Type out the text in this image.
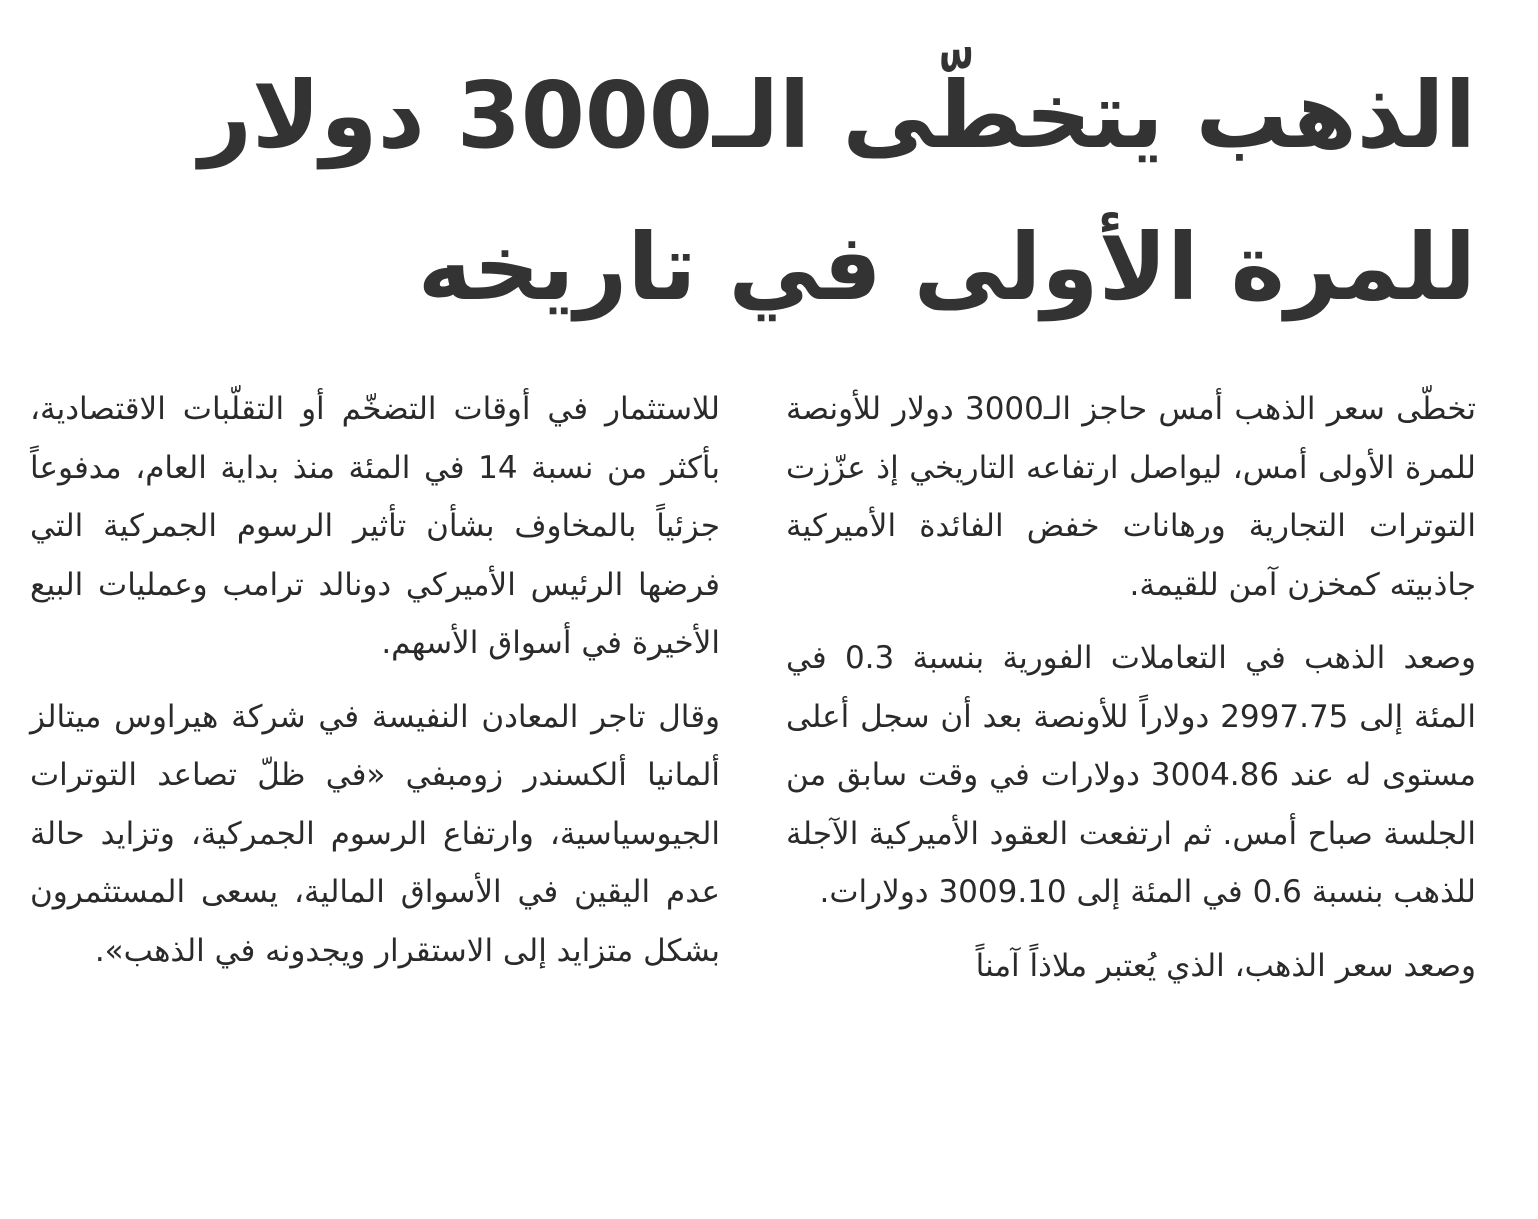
الذهب يتخطّى الـ3000 دولار
للمرة الأولى في تاريخه

تخطّى سعر الذهب أمس حاجز الـ3000 دولار للأونصة للمرة الأولى أمس، ليواصل ارتفاعه التاريخي إذ عزّزت التوترات التجارية ورهانات خفض الفائدة الأميركية جاذبيته كمخزن آمن للقيمة.

وصعد الذهب في التعاملات الفورية بنسبة 0.3 في المئة إلى 2997.75 دولاراً للأونصة بعد أن سجل أعلى مستوى له عند 3004.86 دولارات في وقت سابق من الجلسة صباح أمس. ثم ارتفعت العقود الأميركية الآجلة للذهب بنسبة 0.6 في المئة إلى 3009.10 دولارات.

وصعد سعر الذهب، الذي يُعتبر ملاذاً آمناً

للاستثمار في أوقات التضخّم أو التقلّبات الاقتصادية، بأكثر من نسبة 14 في المئة منذ بداية العام، مدفوعاً جزئياً بالمخاوف بشأن تأثير الرسوم الجمركية التي فرضها الرئيس الأميركي دونالد ترامب وعمليات البيع الأخيرة في أسواق الأسهم.

وقال تاجر المعادن النفيسة في شركة هيراوس ميتالز ألمانيا ألكسندر زومبفي «في ظلّ تصاعد التوترات الجيوسياسية، وارتفاع الرسوم الجمركية، وتزايد حالة عدم اليقين في الأسواق المالية، يسعى المستثمرون بشكل متزايد إلى الاستقرار ويجدونه في الذهب».
